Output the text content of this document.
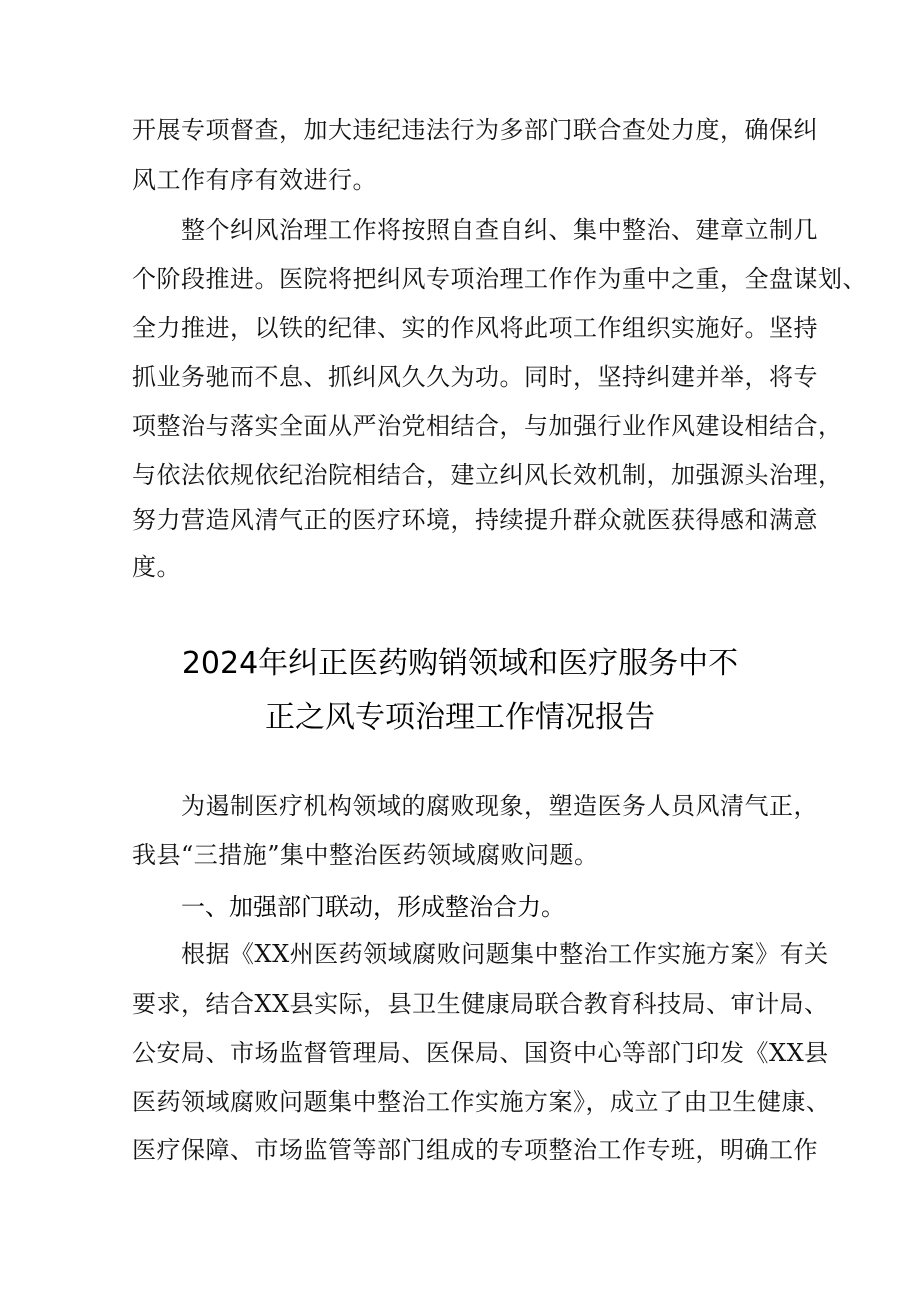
开展专项督查，加大违纪违法行为多部门联合查处力度，确保纠
风工作有序有效进行。
整个纠风治理工作将按照自查自纠、集中整治、建章立制几
个阶段推进。医院将把纠风专项治理工作作为重中之重，全盘谋划、
全力推进，以铁的纪律、实的作风将此项工作组织实施好。坚持
抓业务驰而不息、抓纠风久久为功。同时，坚持纠建并举，将专
项整治与落实全面从严治党相结合，与加强行业作风建设相结合，
与依法依规依纪治院相结合，建立纠风长效机制，加强源头治理，
努力营造风清气正的医疗环境，持续提升群众就医获得感和满意
度。
2024年纠正医药购销领域和医疗服务中不
正之风专项治理工作情况报告
为遏制医疗机构领域的腐败现象，塑造医务人员风清气正，
我县“三措施”集中整治医药领域腐败问题。
一、加强部门联动，形成整治合力。
根据《XX州医药领域腐败问题集中整治工作实施方案》有关
要求，结合XX县实际，县卫生健康局联合教育科技局、审计局、
公安局、市场监督管理局、医保局、国资中心等部门印发《XX县
医药领域腐败问题集中整治工作实施方案》，成立了由卫生健康、
医疗保障、市场监管等部门组成的专项整治工作专班，明确工作
